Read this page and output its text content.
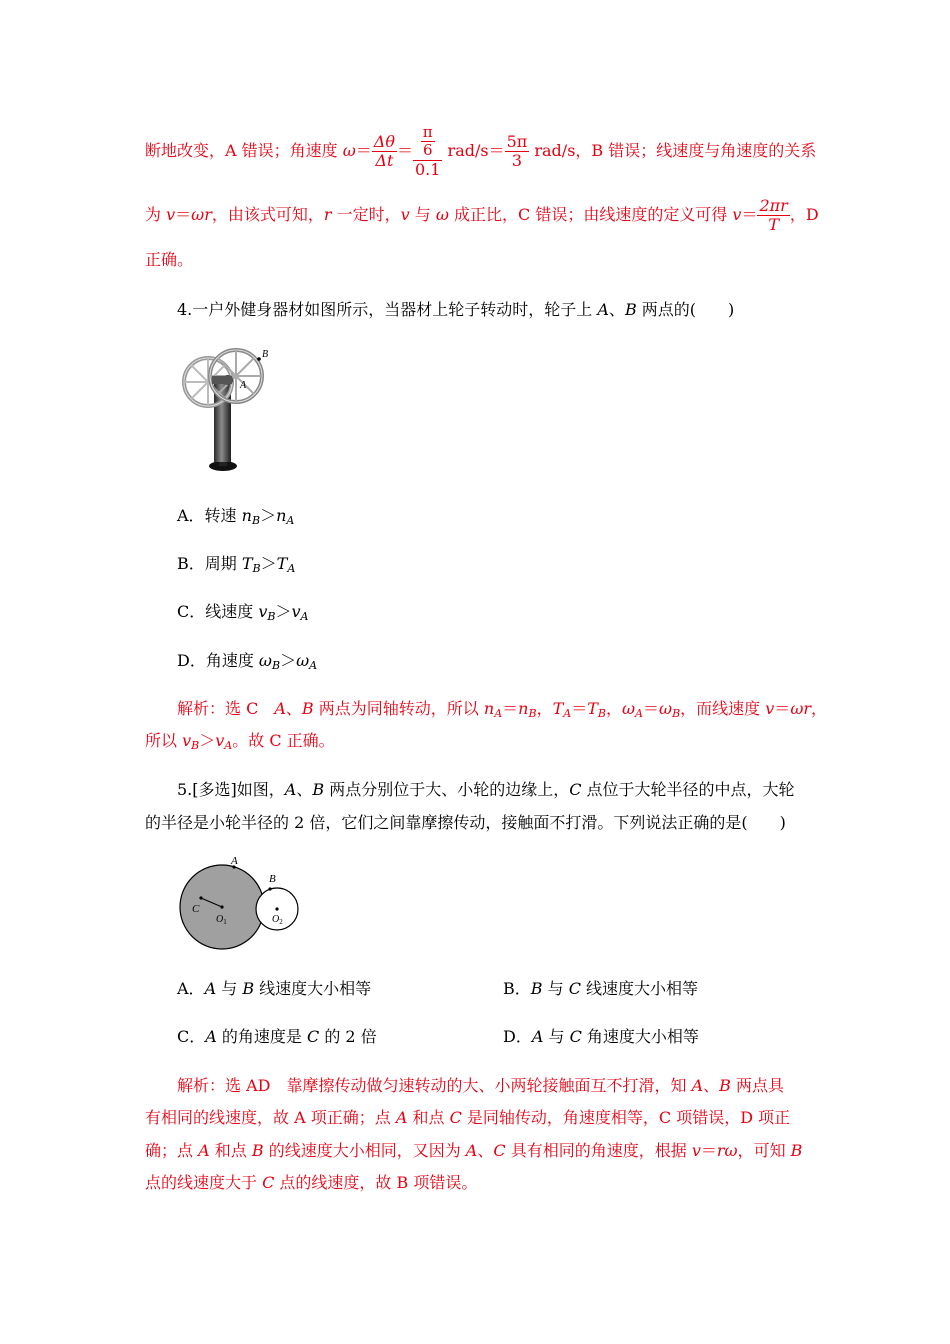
断地改变，A 错误；角速度 $\omega= \frac{\Delta\theta}{\Delta t} = \frac{\frac{\pi}{6}}{0.1} rad/s= \frac{5\pi}{3} rad/s$，B 错误；线速度与角速度的关系
为 v＝ωr，由该式可知，r 一定时，v 与 ω 成正比，C 错误；由线速度的定义可得 $v= \frac{2\pi r}{T}$ ，D
正确。
4.一户外健身器材如图所示，当器材上轮子转动时，轮子上 A、B 两点的(　　)
B
A
A．转速 $n_B>n_A$
B．周期 $T_B>T_A$
C．线速度 $v_B>v_A$
D．角速度 $\omega_B>\omega_A$
解析：选 C　A、B 两点为同轴转动，所以 $n_A=n_B$，$T_A=T_B$，$\omega_A=\omega_B$，而线速度 v＝ωr，
所以 $v_B>v_A$。故 C 正确。
5.[多选]如图，A、B 两点分别位于大、小轮的边缘上，C 点位于大轮半径的中点，大轮
的半径是小轮半径的 2 倍，它们之间靠摩擦传动，接触面不打滑。下列说法正确的是(　　)
A
B
C
$O_1$	$O_2$
A．A 与 B 线速度大小相等	B．B 与 C 线速度大小相等
C．A 的角速度是 C 的 2 倍	D．A 与 C 角速度大小相等
解析：选 AD　靠摩擦传动做匀速转动的大、小两轮接触面互不打滑，知 A、B 两点具
有相同的线速度，故 A 项正确；点 A 和点 C 是同轴传动，角速度相等，C 项错误，D 项正
确；点 A 和点 B 的线速度大小相同，又因为 A、C 具有相同的角速度，根据 v＝rω，可知 B
点的线速度大于 C 点的线速度，故 B 项错误。
